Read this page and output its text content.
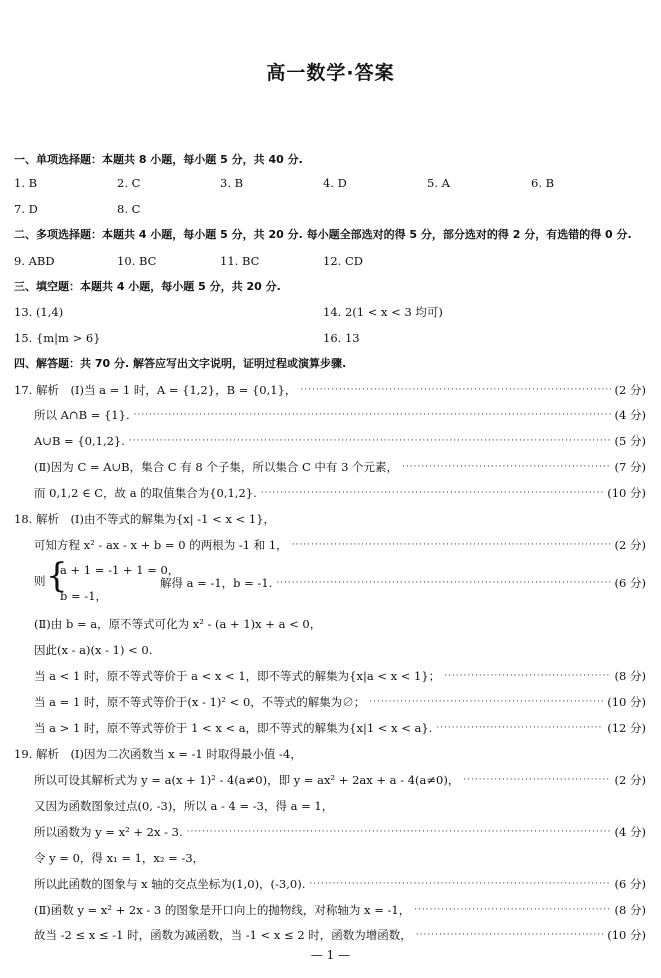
高一数学·答案
一、单项选择题：本题共 8 小题，每小题 5 分，共 40 分.
1. B	2. C	3. B	4. D	5. A	6. B
7. D	8. C
二、多项选择题：本题共 4 小题，每小题 5 分，共 20 分. 每小题全部选对的得 5 分，部分选对的得 2 分，有选错的得 0 分.
9. ABD	10. BC	11. BC	12. CD
三、填空题：本题共 4 小题，每小题 5 分，共 20 分.
13. (1,4)	14. 2(1 < x < 3 均可)
15. {m|m > 6}	16. 13
四、解答题：共 70 分. 解答应写出文字说明，证明过程或演算步骤.
17. 解析　(Ⅰ)当 a = 1 时，A = {1,2}，B = {0,1}， ·····	(2 分)
所以 A∩B = {1}. ·····	(4 分)
A∪B = {0,1,2}. ·····	(5 分)
(Ⅱ)因为 C = A∪B，集合 C 有 8 个子集，所以集合 C 中有 3 个元素， ·····	(7 分)
而 0,1,2 ∈ C，故 a 的取值集合为{0,1,2}. ·····	(10 分)
18. 解析　(Ⅰ)由不等式的解集为{x| -1 < x < 1}，
可知方程 x² - ax - x + b = 0 的两根为 -1 和 1， ·····	(2 分)
则 {
a + 1 = -1 + 1 = 0，
b = -1，
解得 a = -1，b = -1. ·····	(6 分)
(Ⅱ)由 b = a，原不等式可化为 x² - (a + 1)x + a < 0，
因此(x - a)(x - 1) < 0.
当 a < 1 时，原不等式等价于 a < x < 1，即不等式的解集为{x|a < x < 1}； ·····	(8 分)
当 a = 1 时，原不等式等价于(x - 1)² < 0，不等式的解集为∅； ·····	(10 分)
当 a > 1 时，原不等式等价于 1 < x < a，即不等式的解集为{x|1 < x < a}. ·····	(12 分)
19. 解析　(Ⅰ)因为二次函数当 x = -1 时取得最小值 -4，
所以可设其解析式为 y = a(x + 1)² - 4(a≠0)，即 y = ax² + 2ax + a - 4(a≠0)， ·····	(2 分)
又因为函数图象过点(0, -3)，所以 a - 4 = -3，得 a = 1，
所以函数为 y = x² + 2x - 3. ·····	(4 分)
令 y = 0，得 x₁ = 1，x₂ = -3，
所以此函数的图象与 x 轴的交点坐标为(1,0)，(-3,0). ·····	(6 分)
(Ⅱ)函数 y = x² + 2x - 3 的图象是开口向上的抛物线，对称轴为 x = -1， ·····	(8 分)
故当 -2 ≤ x ≤ -1 时，函数为减函数，当 -1 < x ≤ 2 时，函数为增函数， ·····	(10 分)
— 1 —
